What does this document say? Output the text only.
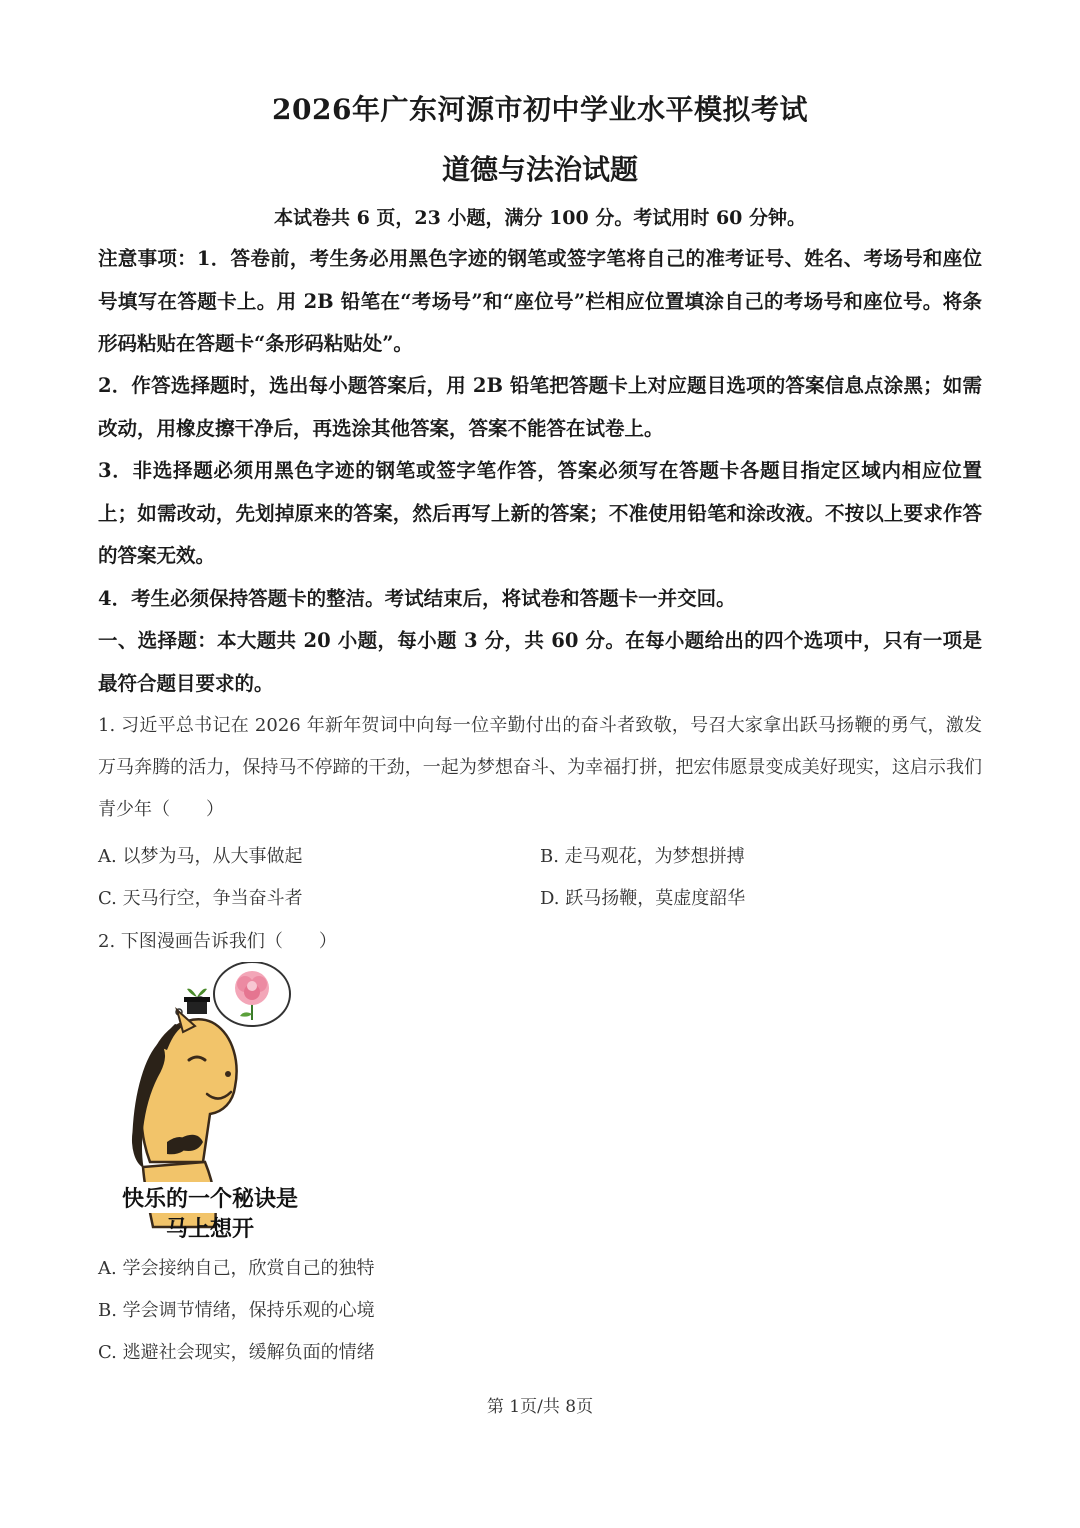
2026年广东河源市初中学业水平模拟考试
道德与法治试题
本试卷共 6 页，23 小题，满分 100 分。考试用时 60 分钟。
注意事项：1．答卷前，考生务必用黑色字迹的钢笔或签字笔将自己的准考证号、姓名、考场号和座位号填写在答题卡上。用 2B 铅笔在“考场号”和“座位号”栏相应位置填涂自己的考场号和座位号。将条形码粘贴在答题卡“条形码粘贴处”。
2．作答选择题时，选出每小题答案后，用 2B 铅笔把答题卡上对应题目选项的答案信息点涂黑；如需改动，用橡皮擦干净后，再选涂其他答案，答案不能答在试卷上。
3．非选择题必须用黑色字迹的钢笔或签字笔作答，答案必须写在答题卡各题目指定区域内相应位置上；如需改动，先划掉原来的答案，然后再写上新的答案；不准使用铅笔和涂改液。不按以上要求作答的答案无效。
4．考生必须保持答题卡的整洁。考试结束后，将试卷和答题卡一并交回。
一、选择题：本大题共 20 小题，每小题 3 分，共 60 分。在每小题给出的四个选项中，只有一项是最符合题目要求的。
1. 习近平总书记在 2026 年新年贺词中向每一位辛勤付出的奋斗者致敬，号召大家拿出跃马扬鞭的勇气，激发万马奔腾的活力，保持马不停蹄的干劲，一起为梦想奋斗、为幸福打拼，把宏伟愿景变成美好现实，这启示我们青少年（　　）
A. 以梦为马，从大事做起	B. 走马观花，为梦想拼搏
C. 天马行空，争当奋斗者	D. 跃马扬鞭，莫虚度韶华
2. 下图漫画告诉我们（　　）
快乐的一个秘诀是
马上想开
A. 学会接纳自己，欣赏自己的独特
B. 学会调节情绪，保持乐观的心境
C. 逃避社会现实，缓解负面的情绪
第 1页/共 8页
